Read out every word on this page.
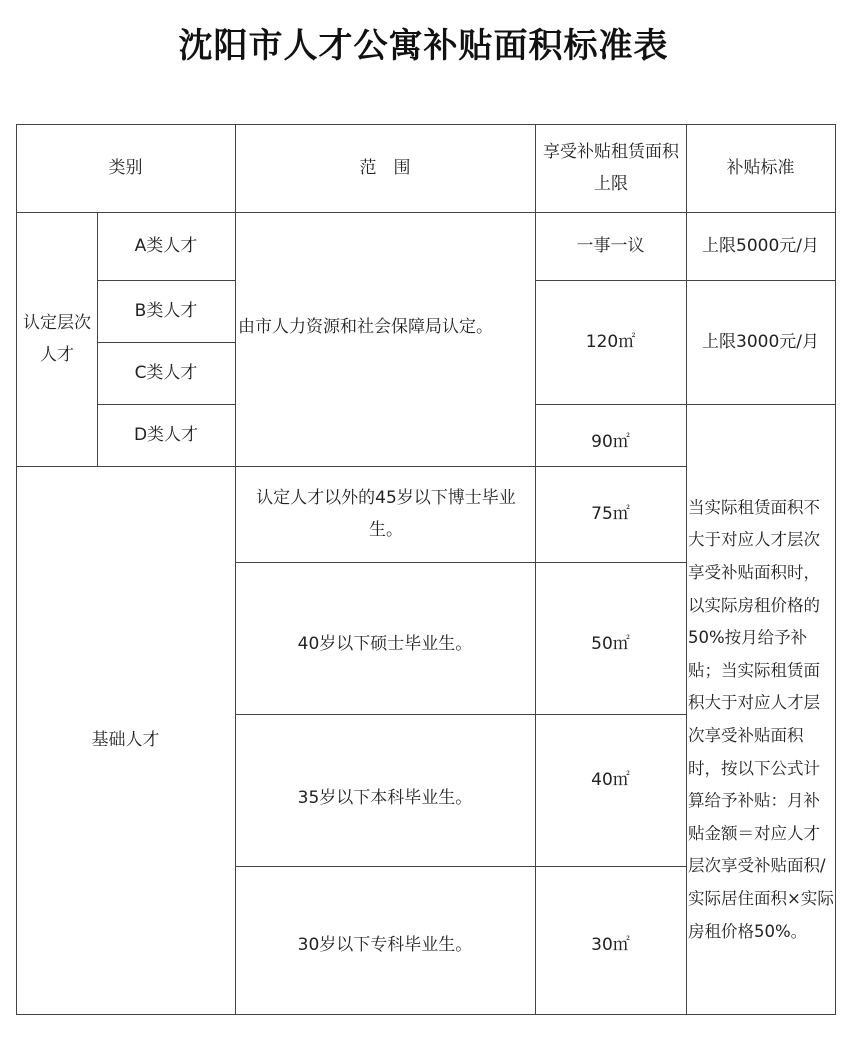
沈阳市人才公寓补贴面积标准表
类别	范　围
享受补贴租赁面积上限
补贴标准
认定层次人才
A类人才
B类人才
C类人才
D类人才
由市人力资源和社会保障局认定。
一事一议
120㎡
90㎡
上限5000元/月
上限3000元/月
基础人才
认定人才以外的45岁以下博士毕业生。
40岁以下硕士毕业生。
35岁以下本科毕业生。
30岁以下专科毕业生。
75㎡
50㎡
40㎡
30㎡
当实际租赁面积不大于对应人才层次享受补贴面积时，以实际房租价格的50%按月给予补贴；当实际租赁面积大于对应人才层次享受补贴面积时，按以下公式计算给予补贴：月补贴金额＝对应人才层次享受补贴面积/实际居住面积×实际房租价格50%。
